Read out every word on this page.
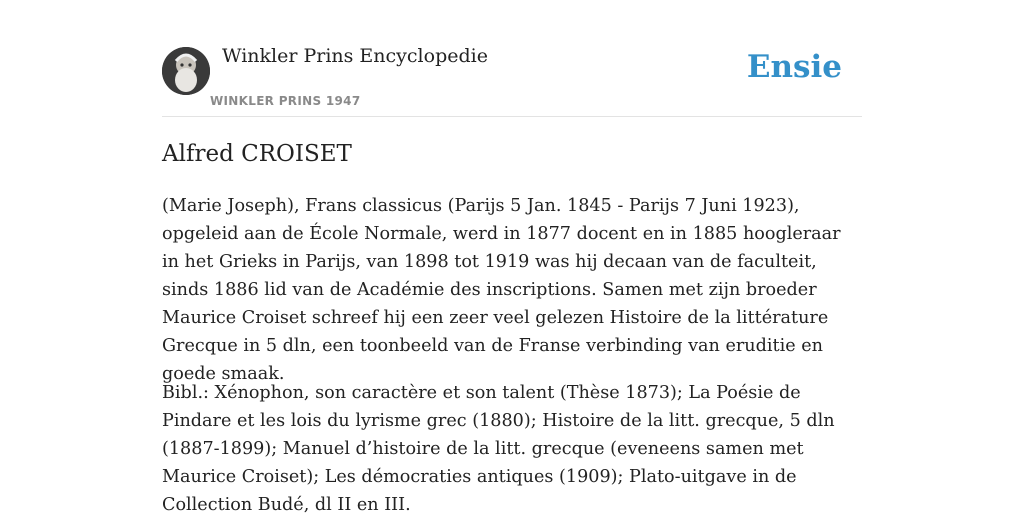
Winkler Prins Encyclopedie
WINKLER PRINS 1947
Ensie
Alfred CROISET

(Marie Joseph), Frans classicus (Parijs 5 Jan. 1845 - Parijs 7 Juni 1923), opgeleid aan de École Normale, werd in 1877 docent en in 1885 hoogleraar in het Grieks in Parijs, van 1898 tot 1919 was hij decaan van de faculteit, sinds 1886 lid van de Académie des inscriptions. Samen met zijn broeder Maurice Croiset schreef hij een zeer veel gelezen Histoire de la littérature Grecque in 5 dln, een toonbeeld van de Franse verbinding van eruditie en goede smaak.

Bibl.: Xénophon, son caractère et son talent (Thèse 1873); La Poésie de Pindare et les lois du lyrisme grec (1880); Histoire de la litt. grecque, 5 dln (1887-1899); Manuel d’histoire de la litt. grecque (eveneens samen met Maurice Croiset); Les démocraties antiques (1909); Plato-uitgave in de Collection Budé, dl II en III.
